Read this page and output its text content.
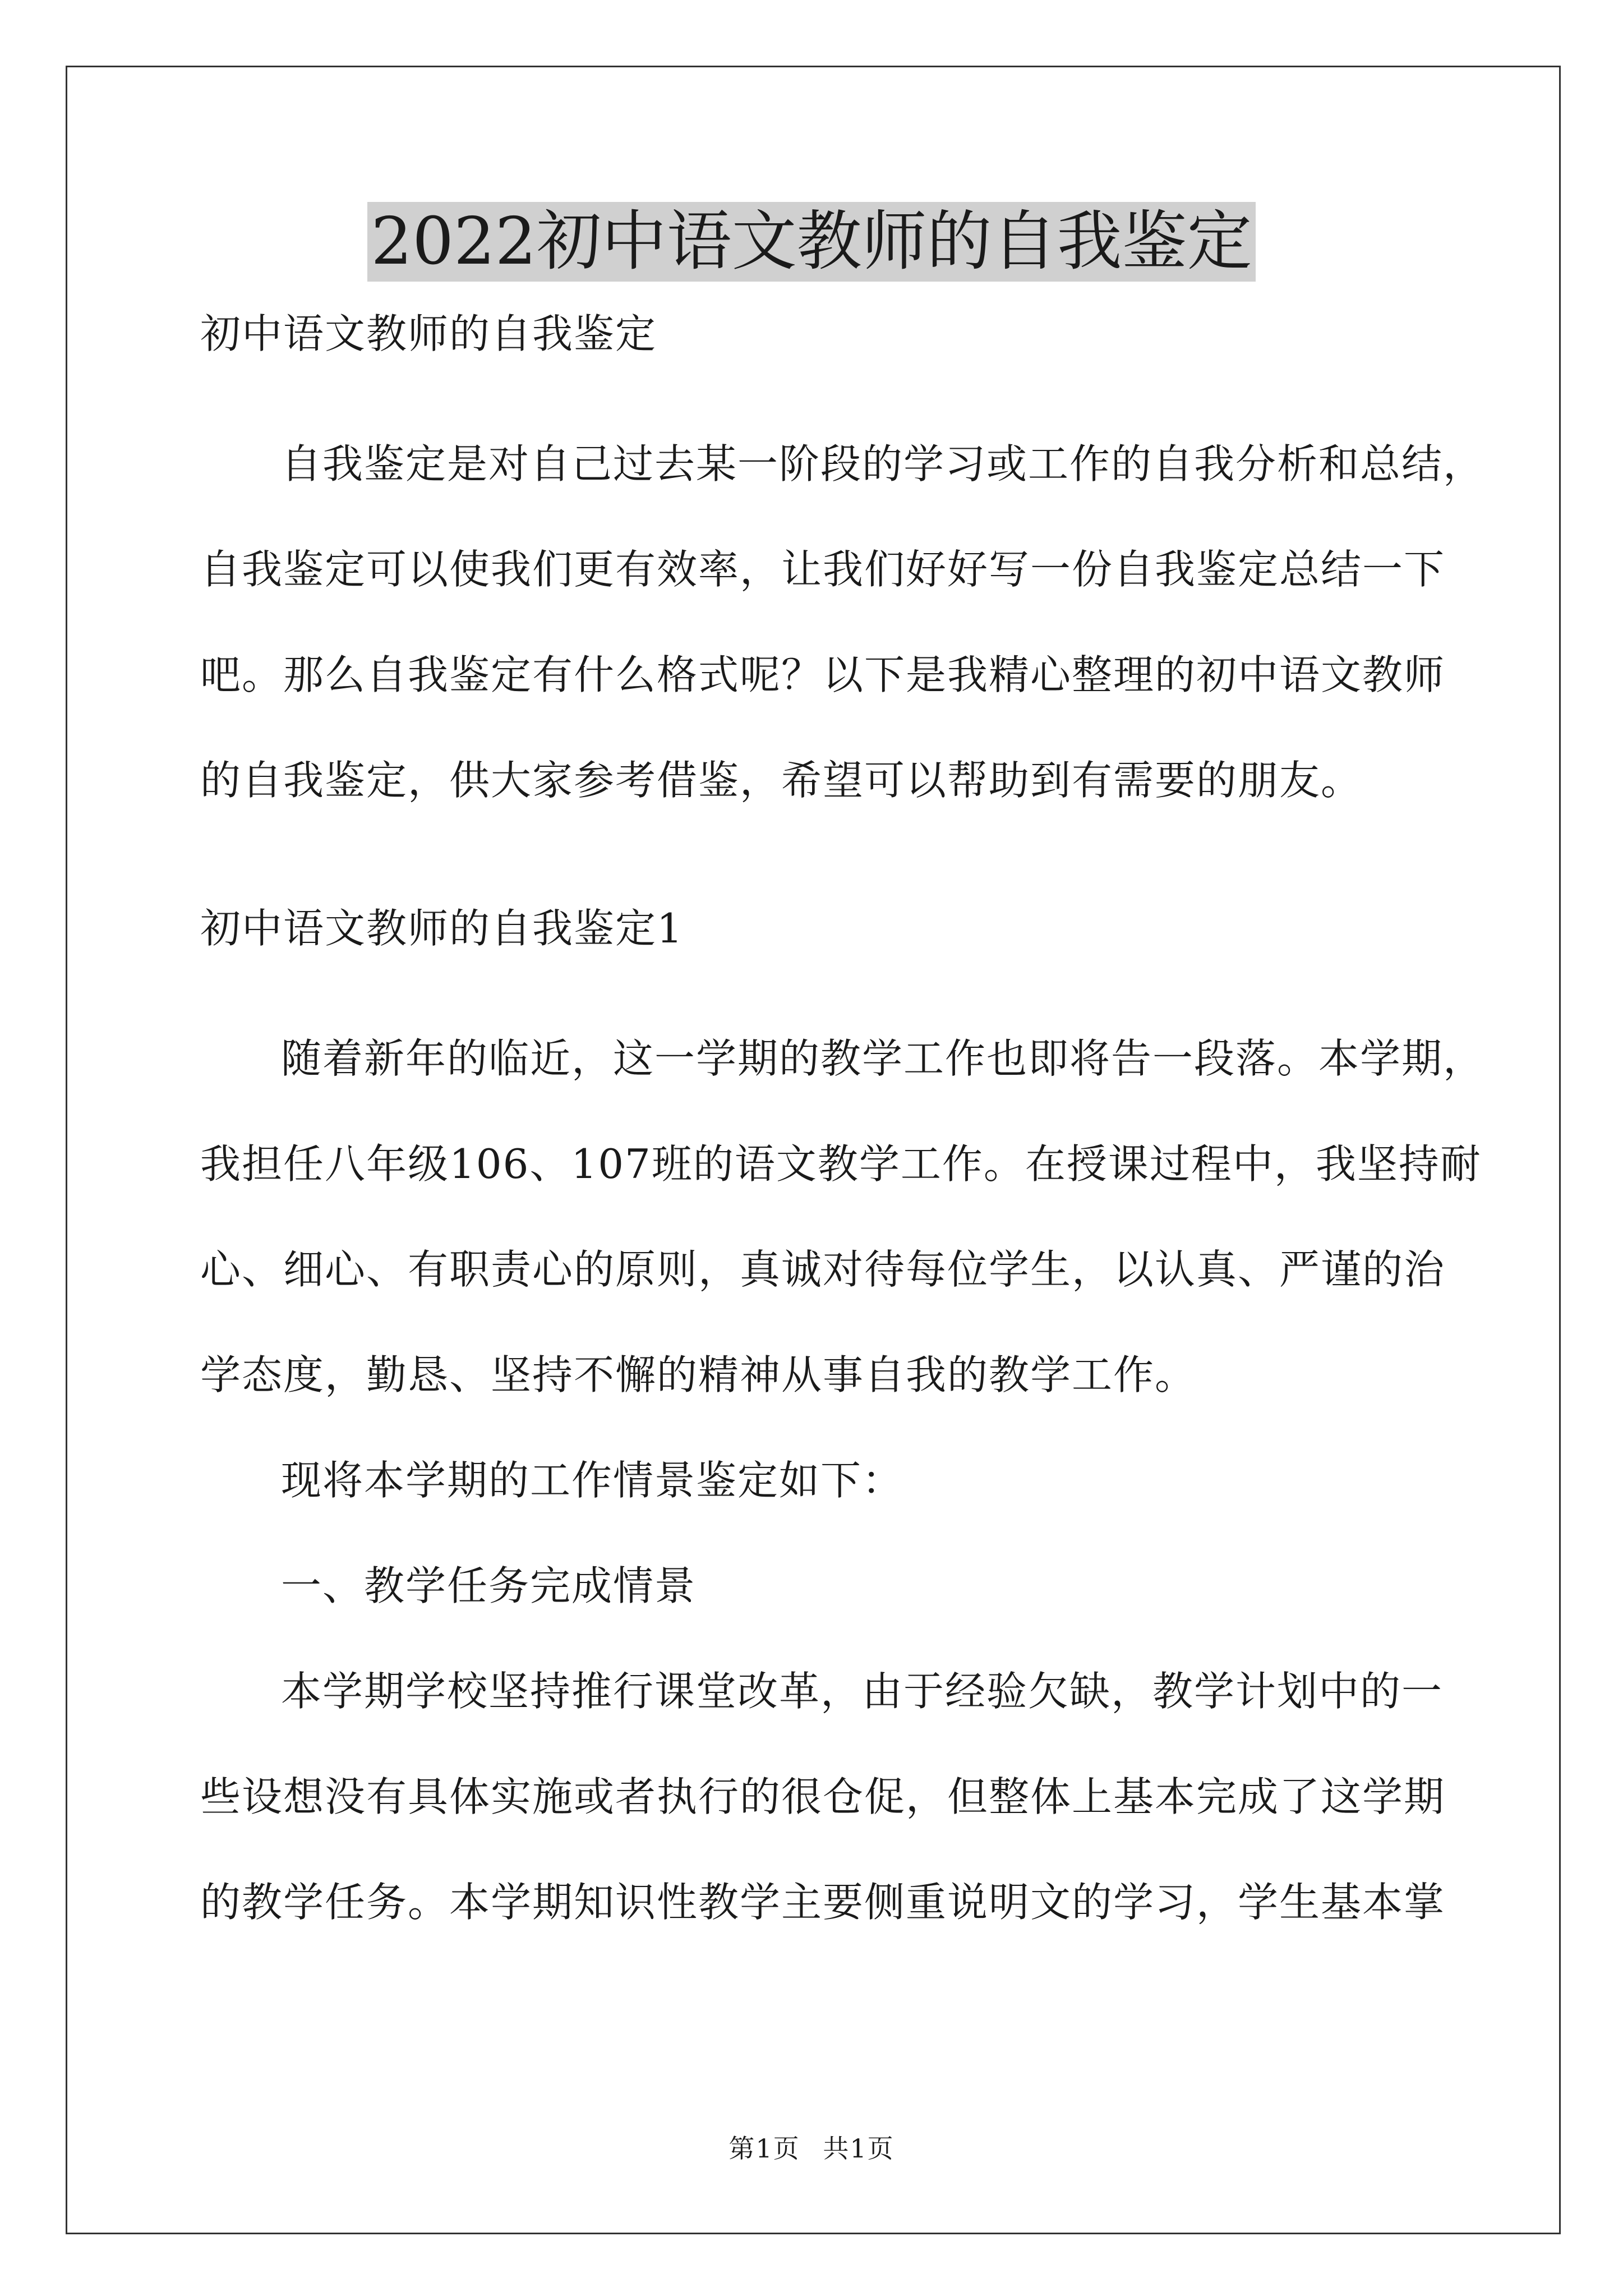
2022初中语文教师的自我鉴定
初中语文教师的自我鉴定
自我鉴定是对自己过去某一阶段的学习或工作的自我分析和总结，
自我鉴定可以使我们更有效率，让我们好好写一份自我鉴定总结一下
吧。那么自我鉴定有什么格式呢？以下是我精心整理的初中语文教师
的自我鉴定，供大家参考借鉴，希望可以帮助到有需要的朋友。
初中语文教师的自我鉴定1
随着新年的临近，这一学期的教学工作也即将告一段落。本学期，
我担任八年级106、107班的语文教学工作。在授课过程中，我坚持耐
心、细心、有职责心的原则，真诚对待每位学生，以认真、严谨的治
学态度，勤恳、坚持不懈的精神从事自我的教学工作。
现将本学期的工作情景鉴定如下：
一、教学任务完成情景
本学期学校坚持推行课堂改革，由于经验欠缺，教学计划中的一
些设想没有具体实施或者执行的很仓促，但整体上基本完成了这学期
的教学任务。本学期知识性教学主要侧重说明文的学习，学生基本掌
第1页 共1页
